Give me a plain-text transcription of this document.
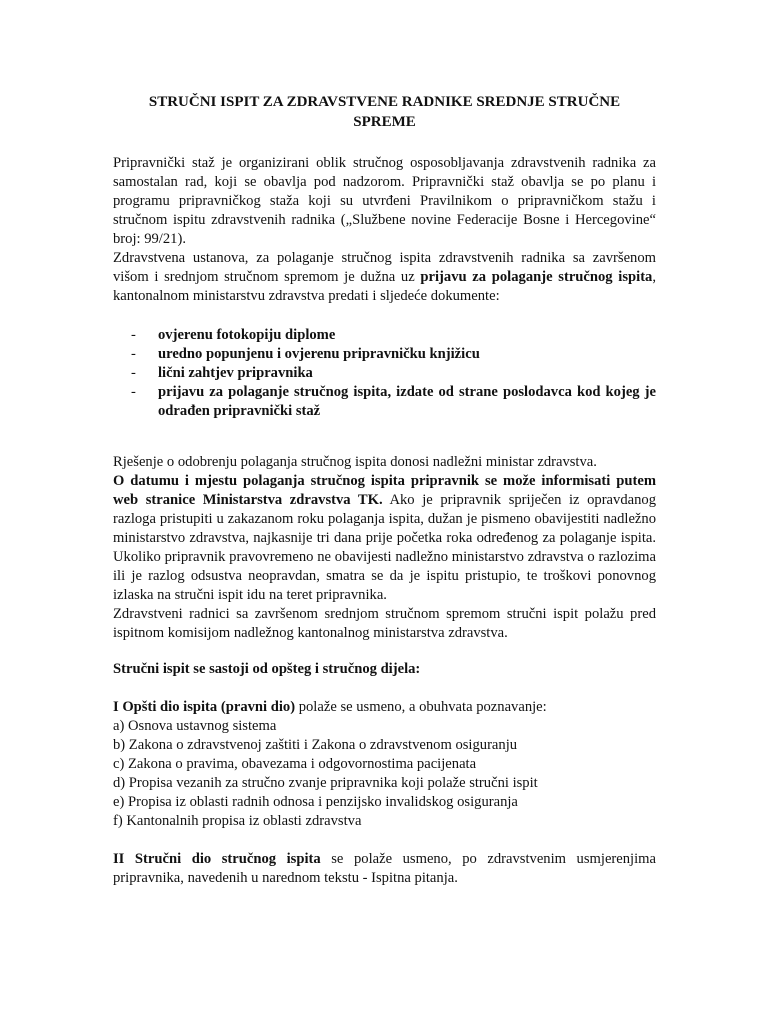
STRUČNI ISPIT ZA ZDRAVSTVENE RADNIKE SREDNJE STRUČNE SPREME

Pripravnički staž je organizirani oblik stručnog osposobljavanja zdravstvenih radnika za samostalan rad, koji se obavlja pod nadzorom. Pripravnički staž obavlja se po planu i programu pripravničkog staža koji su utvrđeni Pravilnikom o pripravničkom stažu i stručnom ispitu zdravstvenih radnika („Službene novine Federacije Bosne i Hercegovine“ broj: 99/21).

Zdravstvena ustanova, za polaganje stručnog ispita zdravstvenih radnika sa završenom višom i srednjom stručnom spremom je dužna uz prijavu za polaganje stručnog ispita, kantonalnom ministarstvu zdravstva predati i sljedeće dokumente:

- ovjerenu fotokopiju diplome
- uredno popunjenu i ovjerenu pripravničku knjižicu
- lični zahtjev pripravnika
- prijavu za polaganje stručnog ispita, izdate od strane poslodavca kod kojeg je odrađen pripravnički staž

Rješenje o odobrenju polaganja stručnog ispita donosi nadležni ministar zdravstva.

O datumu i mjestu polaganja stručnog ispita pripravnik se može informisati putem web stranice Ministarstva zdravstva TK. Ako je pripravnik spriječen iz opravdanog razloga pristupiti u zakazanom roku polaganja ispita, dužan je pismeno obavijestiti nadležno ministarstvo zdravstva, najkasnije tri dana prije početka roka određenog za polaganje ispita. Ukoliko pripravnik pravovremeno ne obavijesti nadležno ministarstvo zdravstva o razlozima ili je razlog odsustva neopravdan, smatra se da je ispitu pristupio, te troškovi ponovnog izlaska na stručni ispit idu na teret pripravnika.

Zdravstveni radnici sa završenom srednjom stručnom spremom stručni ispit polažu pred ispitnom komisijom nadležnog kantonalnog ministarstva zdravstva.

Stručni ispit se sastoji od opšteg i stručnog dijela:

I Opšti dio ispita (pravni dio) polaže se usmeno, a obuhvata poznavanje:

a) Osnova ustavnog sistema

b) Zakona o zdravstvenoj zaštiti i Zakona o zdravstvenom osiguranju

c) Zakona o pravima, obavezama i odgovornostima pacijenata

d) Propisa vezanih za stručno zvanje pripravnika koji polaže stručni ispit

e) Propisa iz oblasti radnih odnosa i penzijsko invalidskog osiguranja

f) Kantonalnih propisa iz oblasti zdravstva

II Stručni dio stručnog ispita se polaže usmeno, po zdravstvenim usmjerenjima pripravnika, navedenih u narednom tekstu - Ispitna pitanja.
